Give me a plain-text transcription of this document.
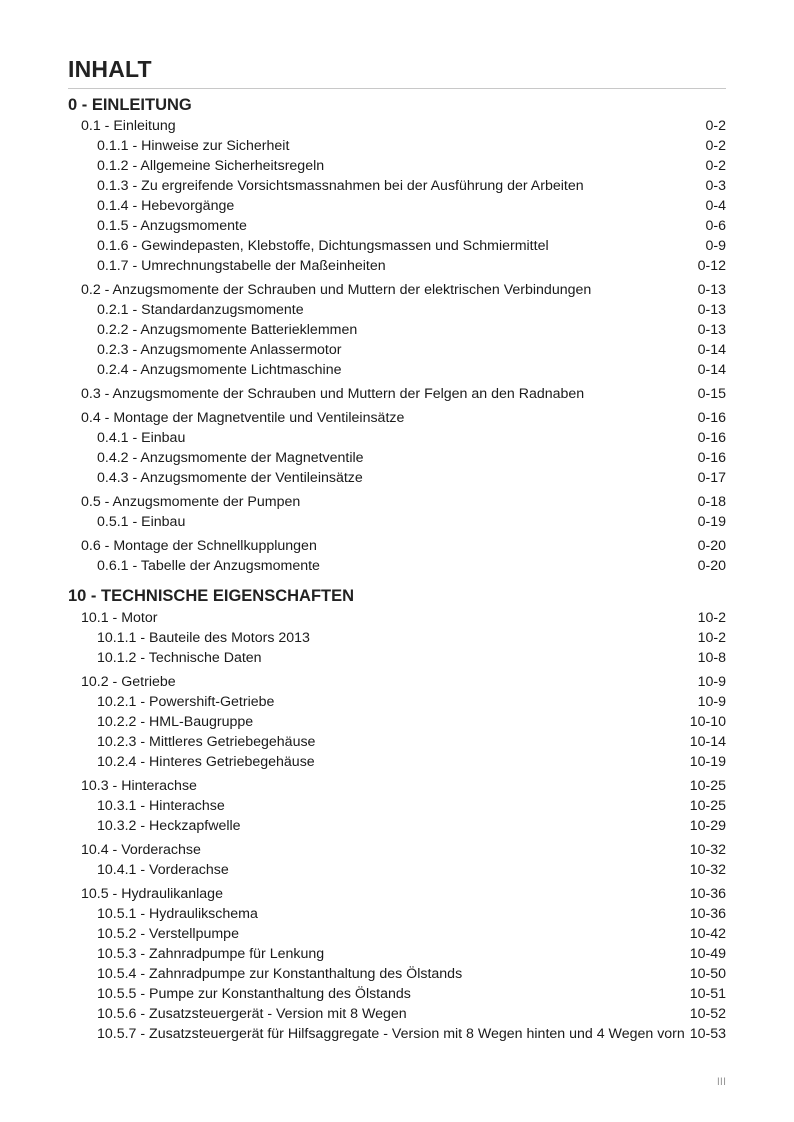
INHALT
0 - EINLEITUNG
0.1 - Einleitung	0-2
0.1.1 - Hinweise zur Sicherheit	0-2
0.1.2 - Allgemeine Sicherheitsregeln	0-2
0.1.3 - Zu ergreifende Vorsichtsmassnahmen bei der Ausführung der Arbeiten	0-3
0.1.4 - Hebevorgänge	0-4
0.1.5 - Anzugsmomente	0-6
0.1.6 - Gewindepasten, Klebstoffe, Dichtungsmassen und Schmiermittel	0-9
0.1.7 - Umrechnungstabelle der Maßeinheiten	0-12
0.2 - Anzugsmomente der Schrauben und Muttern der elektrischen Verbindungen	0-13
0.2.1 - Standardanzugsmomente	0-13
0.2.2 - Anzugsmomente Batterieklemmen	0-13
0.2.3 - Anzugsmomente Anlassermotor	0-14
0.2.4 - Anzugsmomente Lichtmaschine	0-14
0.3 - Anzugsmomente der Schrauben und Muttern der Felgen an den Radnaben	0-15
0.4 - Montage der Magnetventile und Ventileinsätze	0-16
0.4.1 - Einbau	0-16
0.4.2 - Anzugsmomente der Magnetventile	0-16
0.4.3 - Anzugsmomente der Ventileinsätze	0-17
0.5 - Anzugsmomente der Pumpen	0-18
0.5.1 - Einbau	0-19
0.6 - Montage der Schnellkupplungen	0-20
0.6.1 - Tabelle der Anzugsmomente	0-20
10 - TECHNISCHE EIGENSCHAFTEN
10.1 - Motor	10-2
10.1.1 - Bauteile des Motors 2013	10-2
10.1.2 - Technische Daten	10-8
10.2 - Getriebe	10-9
10.2.1 - Powershift-Getriebe	10-9
10.2.2 - HML-Baugruppe	10-10
10.2.3 - Mittleres Getriebegehäuse	10-14
10.2.4 - Hinteres Getriebegehäuse	10-19
10.3 - Hinterachse	10-25
10.3.1 - Hinterachse	10-25
10.3.2 - Heckzapfwelle	10-29
10.4 - Vorderachse	10-32
10.4.1 - Vorderachse	10-32
10.5 - Hydraulikanlage	10-36
10.5.1 - Hydraulikschema	10-36
10.5.2 - Verstellpumpe	10-42
10.5.3 - Zahnradpumpe für Lenkung	10-49
10.5.4 - Zahnradpumpe zur Konstanthaltung des Ölstands	10-50
10.5.5 - Pumpe zur Konstanthaltung des Ölstands	10-51
10.5.6 - Zusatzsteuergerät - Version mit 8 Wegen	10-52
10.5.7 - Zusatzsteuergerät für Hilfsaggregate - Version mit 8 Wegen hinten und 4 Wegen vorn 10-53
III
